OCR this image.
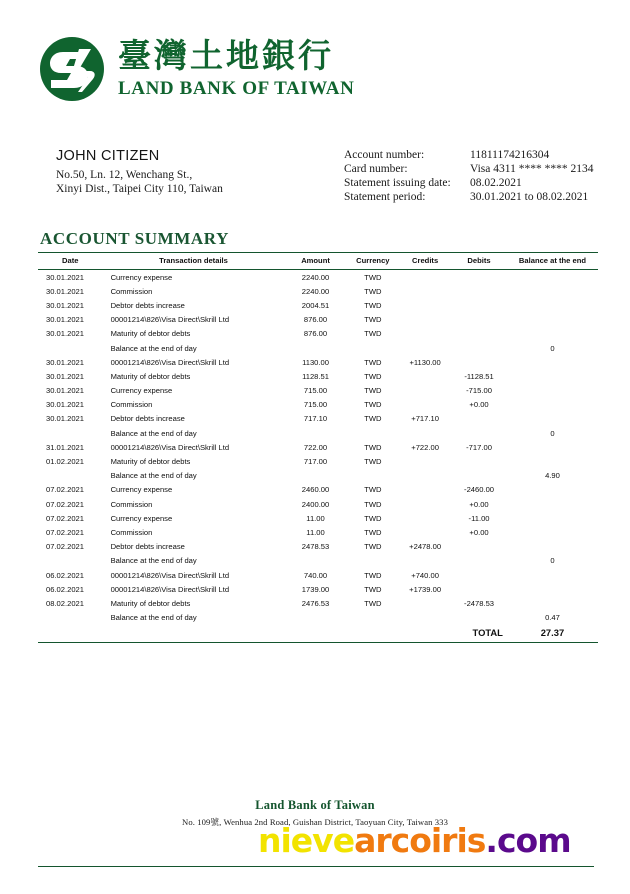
臺灣土地銀行
LAND BANK OF TAIWAN
JOHN CITIZEN
No.50, Ln. 12, Wenchang St.,
Xinyi Dist., Taipei City 110, Taiwan
Account number:	11811174216304
Card number:	Visa 4311 **** **** 2134
Statement issuing date:	08.02.2021
Statement period:	30.01.2021 to 08.02.2021
ACCOUNT SUMMARY
Date	Transaction details	Amount	Currency	Credits	Debits	Balance at the end
30.01.2021	Currency expense	2240.00	TWD			
30.01.2021	Commission	2240.00	TWD			
30.01.2021	Debtor debts increase	2004.51	TWD			
30.01.2021	00001214\826\Visa Direct\Skrill Ltd	876.00	TWD			
30.01.2021	Maturity of debtor debts	876.00	TWD			
	Balance at the end of day					0
30.01.2021	00001214\826\Visa Direct\Skrill Ltd	1130.00	TWD	+1130.00		
30.01.2021	Maturity of debtor debts	1128.51	TWD		-1128.51	
30.01.2021	Currency expense	715.00	TWD		-715.00	
30.01.2021	Commission	715.00	TWD		+0.00	
30.01.2021	Debtor debts increase	717.10	TWD	+717.10		
	Balance at the end of day					0
31.01.2021	00001214\826\Visa Direct\Skrill Ltd	722.00	TWD	+722.00	-717.00	
01.02.2021	Maturity of debtor debts	717.00	TWD			
	Balance at the end of day					4.90
07.02.2021	Currency expense	2460.00	TWD		-2460.00	
07.02.2021	Commission	2400.00	TWD		+0.00	
07.02.2021	Currency expense	11.00	TWD		-11.00	
07.02.2021	Commission	11.00	TWD		+0.00	
07.02.2021	Debtor debts increase	2478.53	TWD	+2478.00		
	Balance at the end of day					0
06.02.2021	00001214\826\Visa Direct\Skrill Ltd	740.00	TWD	+740.00		
06.02.2021	00001214\826\Visa Direct\Skrill Ltd	1739.00	TWD	+1739.00		
08.02.2021	Maturity of debtor debts	2476.53	TWD		-2478.53	
	Balance at the end of day					0.47
					TOTAL	27.37
Land Bank of Taiwan
No. 109號, Wenhua 2nd Road, Guishan District, Taoyuan City, Taiwan 333
nievearcoiris.com
